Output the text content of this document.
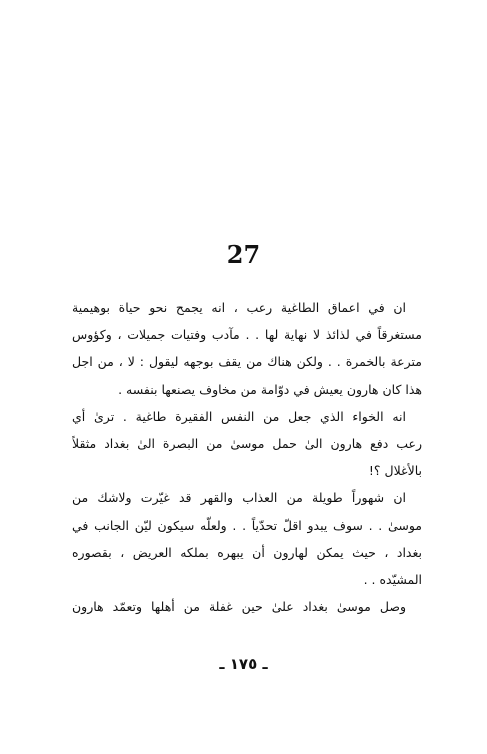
27
ان في اعماق الطاغية رعب ، انه يجمح نحو حياة بوهيمية
مستغرقاً في لذائذ لا نهاية لها . . مآدب وفتيات جميلات ، وكؤوس
مترعة بالخمرة . . ولكن هناك من يقف بوجهه ليقول : لا ، من اجل
هذا كان هارون يعيش في دوّامة من مخاوف يصنعها بنفسه .
انه الخواء الذي جعل من النفس الفقيرة طاغية . ترىٰ أي
رعب دفع هارون الىٰ حمل موسىٰ من البصرة الىٰ بغداد مثقلاً
بالأغلال ؟!
ان شهوراً طويلة من العذاب والقهر قد غيّرت ولاشك من
موسىٰ . . سوف يبدو اقلّ تحدّياً . . ولعلّه سيكون ليّن الجانب في
بغداد ، حيث يمكن لهارون أن يبهره بملكه العريض ، بقصوره
المشيّده . .
وصل موسىٰ بغداد علىٰ حين غفلة من أهلها وتعمّد هارون
ـ ١٧٥ ـ
